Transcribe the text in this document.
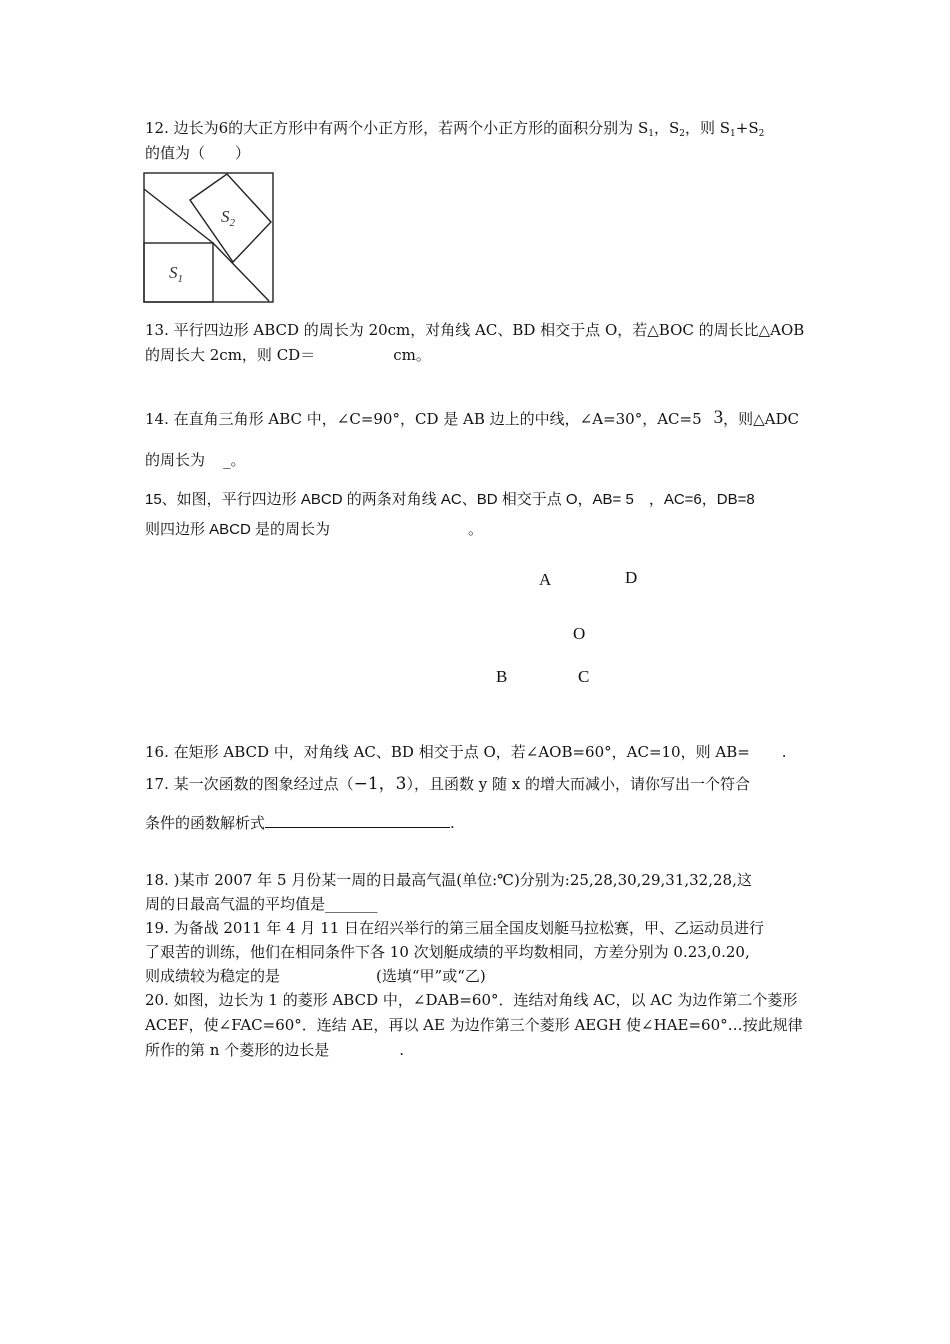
12. 边长为6的大正方形中有两个小正方形，若两个小正方形的面积分别为 $S_1$，$S_2$，则 $S_1+S_2$
的值为（　　）
$S_1$
$S_2$
13. 平行四边形 ABCD 的周长为 20cm，对角线 AC、BD 相交于点 O，若△BOC 的周长比△AOB
的周长大 2cm，则 CD＝	cm。
14. 在直角三角形 ABC 中，∠C=90°，CD 是 AB 边上的中线，∠A=30°，AC=5 3，则△ADC
的周长为 _。
15、如图，平行四边形 ABCD 的两条对角线 AC、BD 相交于点 O，AB= 5　，AC=6，DB=8
则四边形 ABCD 是的周长为	。
A	D
O
B	C
16. 在矩形 ABCD 中，对角线 AC、BD 相交于点 O，若∠AOB=60°，AC=10，则 AB= .
17. 某一次函数的图象经过点（−1，3），且函数 y 随 x 的增大而减小，请你写出一个符合
条件的函数解析式	.
18. )某市 2007 年 5 月份某一周的日最高气温(单位:℃)分别为:25,28,30,29,31,32,28,这
周的日最高气温的平均值是_______
19. 为备战 2011 年 4 月 11 日在绍兴举行的第三届全国皮划艇马拉松赛，甲、乙运动员进行
了艰苦的训练，他们在相同条件下各 10 次划艇成绩的平均数相同，方差分别为 0.23,0.20,
则成绩较为稳定的是	(选填“甲”或“乙)
20. 如图，边长为 1 的菱形 ABCD 中，∠DAB=60°．连结对角线 AC，以 AC 为边作第二个菱形
ACEF，使∠FAC=60°．连结 AE，再以 AE 为边作第三个菱形 AEGH 使∠HAE=60°…按此规律
所作的第 n 个菱形的边长是	.
